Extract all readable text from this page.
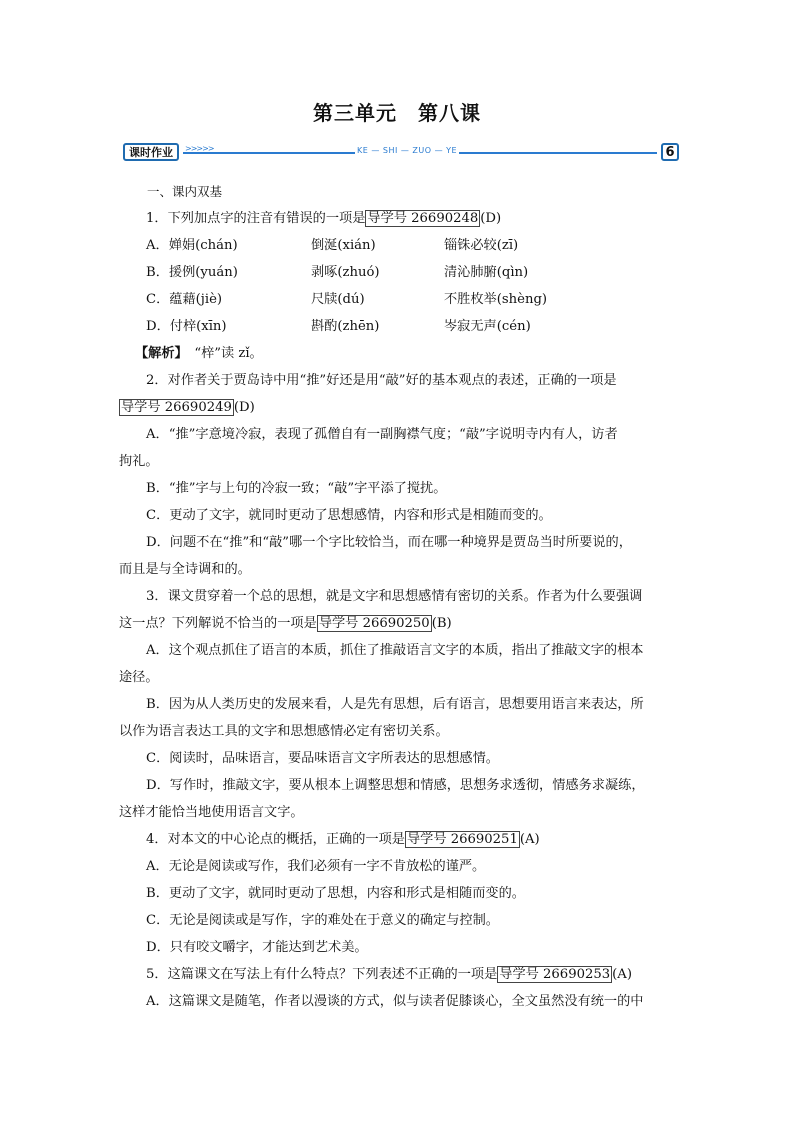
第三单元　第八课
课时作业	>>>>>	KE — SHI — ZUO — YE	6
一、课内双基
1．下列加点字的注音有错误的一项是 导学号 26690248 (D)
A．婵娟(chán)	倒涎(xián)	锱铢必较(zī)
B．援例(yuán)	剥啄(zhuó)	清沁肺腑(qìn)
C．蕴藉(jiè)	尺牍(dú)	不胜枚举(shèng)
D．付梓(xīn)	斟酌(zhēn)	岑寂无声(cén)
【解析】　 “梓”读 zǐ。
2．对作者关于贾岛诗中用“推”好还是用“敲”好的基本观点的表述，正确的一项是
导学号 26690249 (D)
A．“推”字意境冷寂，表现了孤僧自有一副胸襟气度；“敲”字说明寺内有人，访者
拘礼。
B．“推”字与上句的冷寂一致；“敲”字平添了搅扰。
C．更动了文字，就同时更动了思想感情，内容和形式是相随而变的。
D．问题不在“推”和“敲”哪一个字比较恰当，而在哪一种境界是贾岛当时所要说的，
而且是与全诗调和的。
3．课文贯穿着一个总的思想，就是文字和思想感情有密切的关系。作者为什么要强调
这一点？下列解说不恰当的一项是 导学号 26690250 (B)
A．这个观点抓住了语言的本质，抓住了推敲语言文字的本质，指出了推敲文字的根本
途径。
B．因为从人类历史的发展来看，人是先有思想，后有语言，思想要用语言来表达，所
以作为语言表达工具的文字和思想感情必定有密切关系。
C．阅读时，品味语言，要品味语言文字所表达的思想感情。
D．写作时，推敲文字，要从根本上调整思想和情感，思想务求透彻，情感务求凝练，
这样才能恰当地使用语言文字。
4．对本文的中心论点的概括，正确的一项是 导学号 26690251 (A)
A．无论是阅读或写作，我们必须有一字不肯放松的谨严。
B．更动了文字，就同时更动了思想，内容和形式是相随而变的。
C．无论是阅读或是写作，字的难处在于意义的确定与控制。
D．只有咬文嚼字，才能达到艺术美。
5．这篇课文在写法上有什么特点？下列表述不正确的一项是 导学号 26690253 (A)
A．这篇课文是随笔，作者以漫谈的方式，似与读者促膝谈心，全文虽然没有统一的中
